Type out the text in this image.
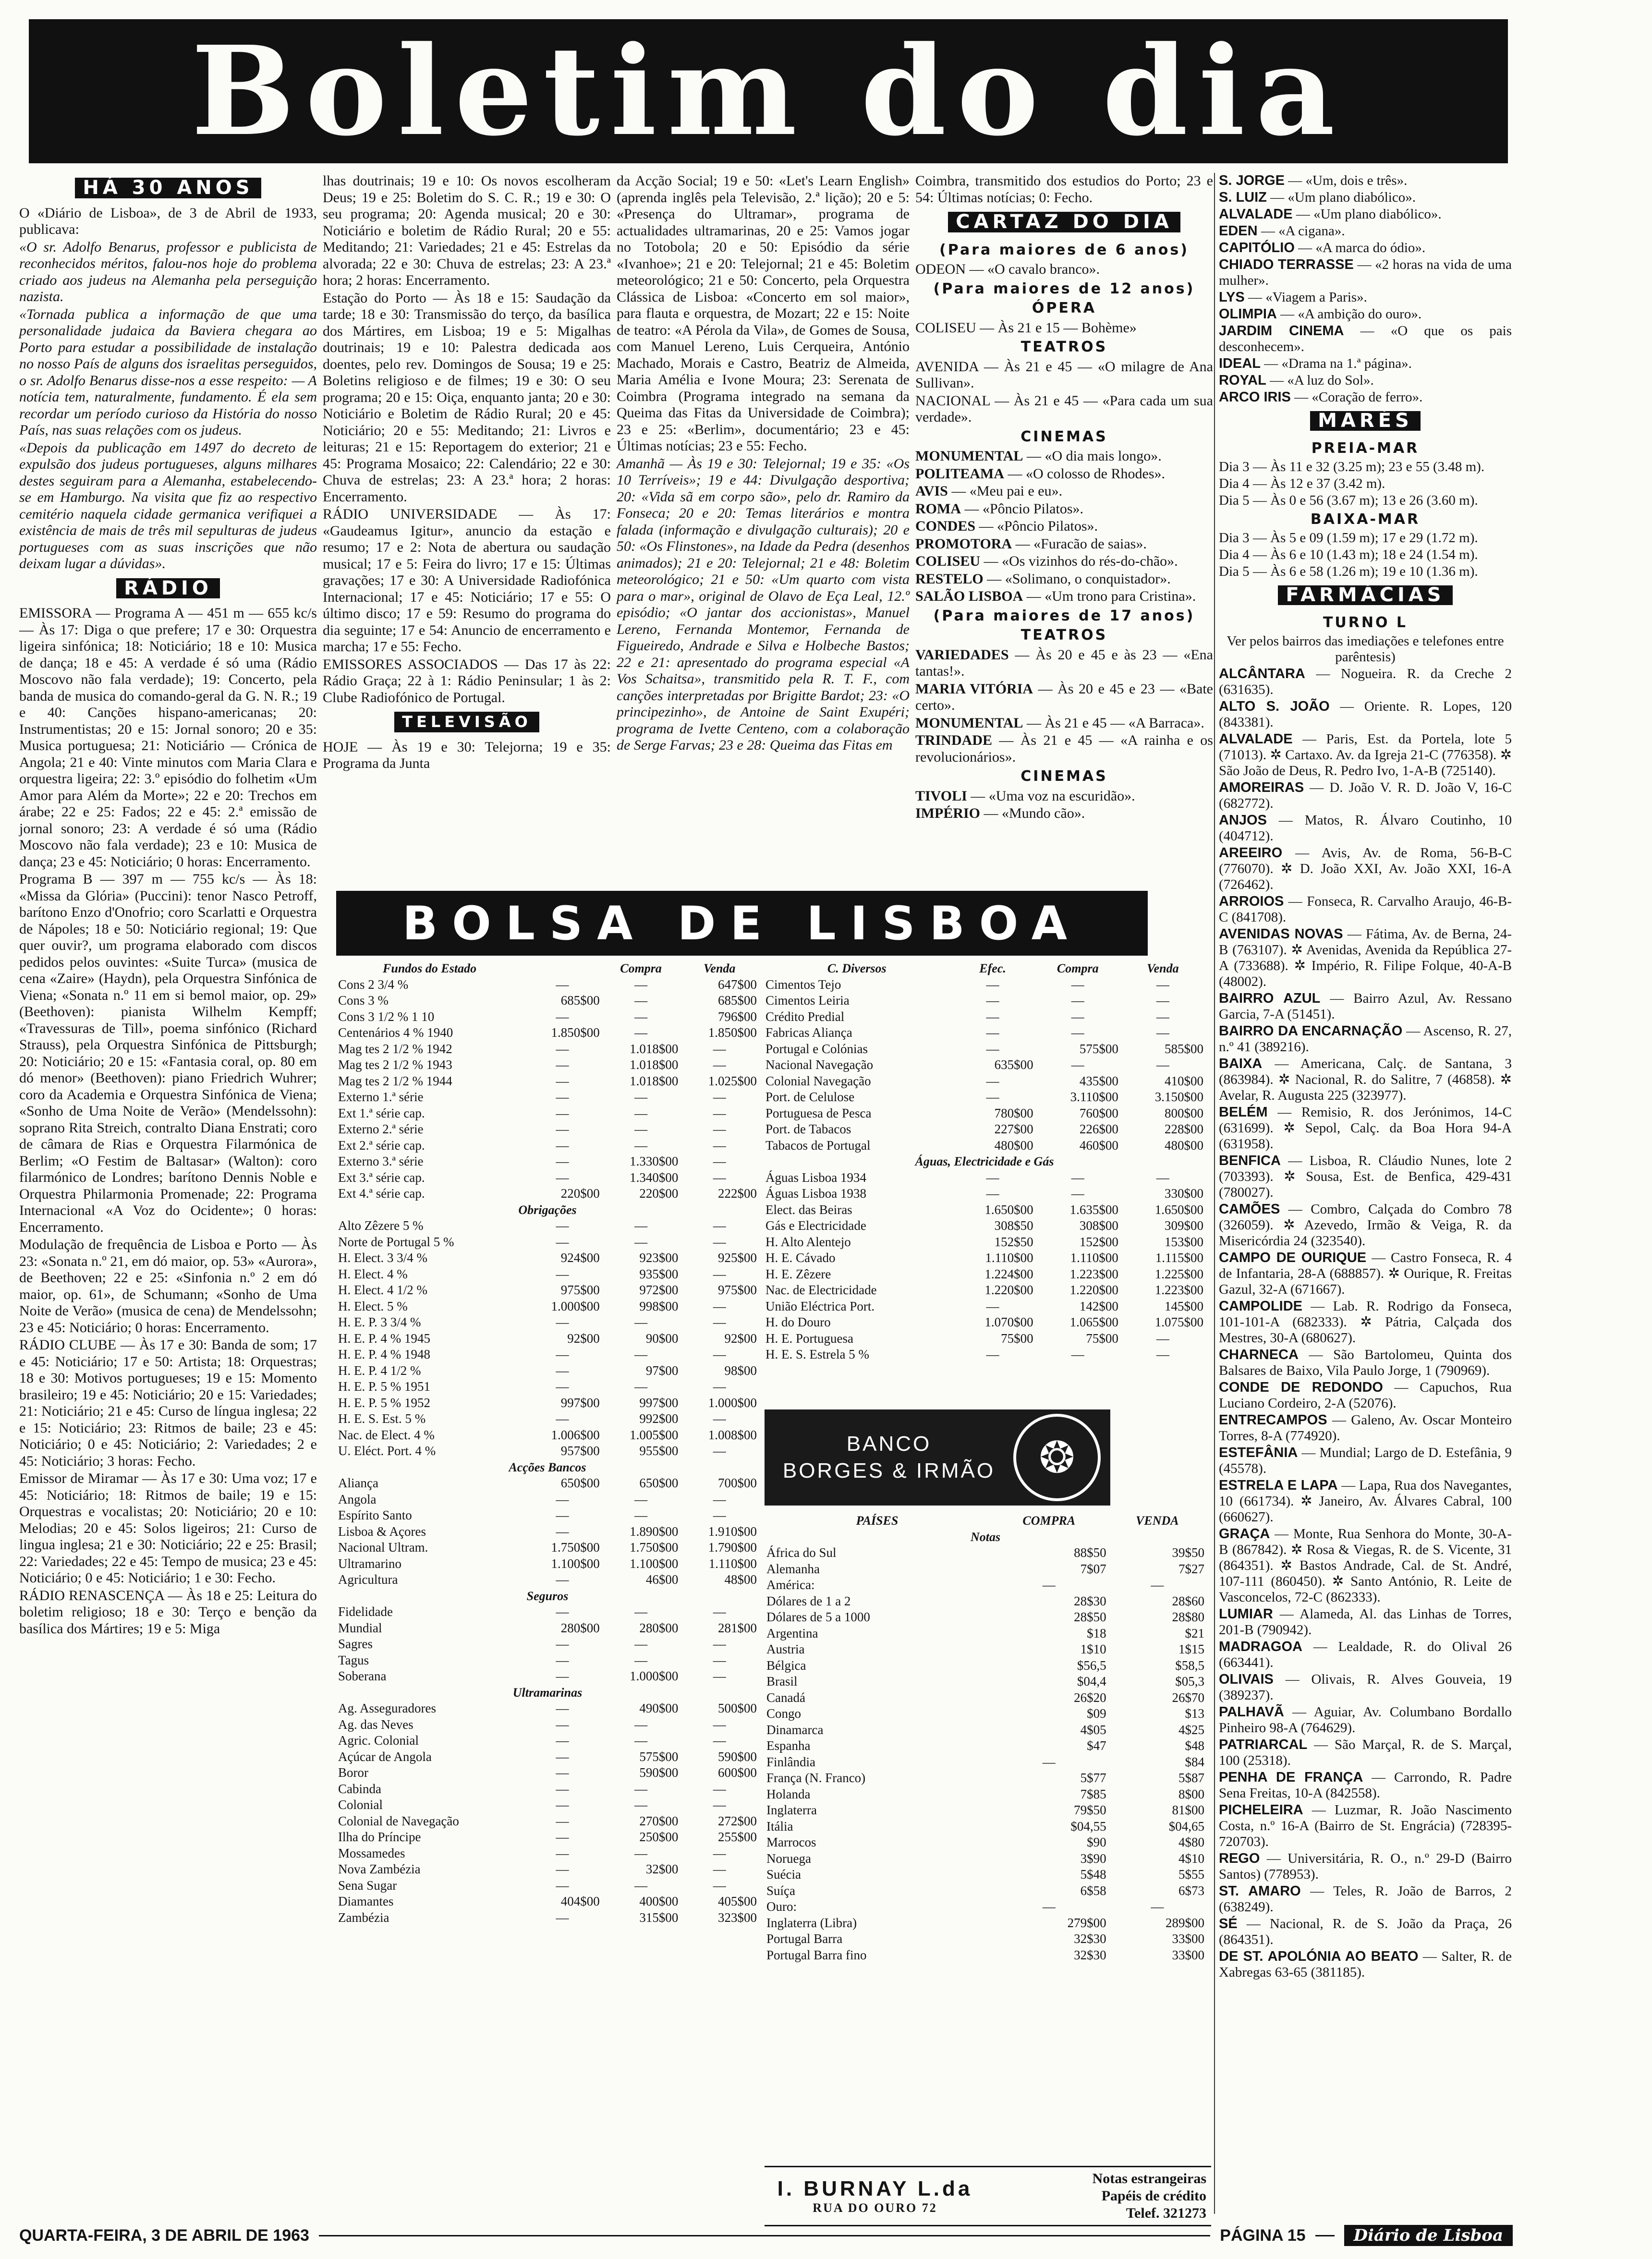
Boletim do dia
HÁ 30 ANOS

O «Diário de Lisboa», de 3 de Abril de 1933, publicava:

«O sr. Adolfo Benarus, professor e publicista de reconhecidos méritos, falou-nos hoje do problema criado aos judeus na Alemanha pela perseguição nazista.

«Tornada publica a informação de que uma personalidade judaica da Baviera chegara ao Porto para estudar a possibilidade de instalação no nosso País de alguns dos israelitas perseguidos, o sr. Adolfo Benarus disse-nos a esse respeito: — A notícia tem, naturalmente, fundamento. É ela sem recordar um período curioso da História do nosso País, nas suas relações com os judeus.

«Depois da publicação em 1497 do decreto de expulsão dos judeus portugueses, alguns milhares destes seguiram para a Alemanha, estabelecendo-se em Hamburgo. Na visita que fiz ao respectivo cemitério naquela cidade germanica verifiquei a existência de mais de três mil sepulturas de judeus portugueses com as suas inscrições que não deixam lugar a dúvidas».

RÁDIO

EMISSORA — Programa A — 451 m — 655 kc/s — Às 17: Diga o que prefere; 17 e 30: Orquestra ligeira sinfónica; 18: Noticiário; 18 e 10: Musica de dança; 18 e 45: A verdade é só uma (Rádio Moscovo não fala verdade); 19: Concerto, pela banda de musica do comando-geral da G. N. R.; 19 e 40: Canções hispano-americanas; 20: Instrumentistas; 20 e 15: Jornal sonoro; 20 e 35: Musica portuguesa; 21: Noticiário — Crónica de Angola; 21 e 40: Vinte minutos com Maria Clara e orquestra ligeira; 22: 3.º episódio do folhetim «Um Amor para Além da Morte»; 22 e 20: Trechos em árabe; 22 e 25: Fados; 22 e 45: 2.ª emissão de jornal sonoro; 23: A verdade é só uma (Rádio Moscovo não fala verdade); 23 e 10: Musica de dança; 23 e 45: Noticiário; 0 horas: Encerramento.

Programa B — 397 m — 755 kc/s — Às 18: «Missa da Glória» (Puccini): tenor Nasco Petroff, barítono Enzo d'Onofrio; coro Scarlatti e Orquestra de Nápoles; 18 e 50: Noticiário regional; 19: Que quer ouvir?, um programa elaborado com discos pedidos pelos ouvintes: «Suite Turca» (musica de cena «Zaire» (Haydn), pela Orquestra Sinfónica de Viena; «Sonata n.º 11 em si bemol maior, op. 29» (Beethoven): pianista Wilhelm Kempff; «Travessuras de Till», poema sinfónico (Richard Strauss), pela Orquestra Sinfónica de Pittsburgh; 20: Noticiário; 20 e 15: «Fantasia coral, op. 80 em dó menor» (Beethoven): piano Friedrich Wuhrer; coro da Academia e Orquestra Sinfónica de Viena; «Sonho de Uma Noite de Verão» (Mendelssohn): soprano Rita Streich, contralto Diana Enstrati; coro de câmara de Rias e Orquestra Filarmónica de Berlim; «O Festim de Baltasar» (Walton): coro filarmónico de Londres; barítono Dennis Noble e Orquestra Philarmonia Promenade; 22: Programa Internacional «A Voz do Ocidente»; 0 horas: Encerramento.

Modulação de frequência de Lisboa e Porto — Às 23: «Sonata n.º 21, em dó maior, op. 53» «Aurora», de Beethoven; 22 e 25: «Sinfonia n.º 2 em dó maior, op. 61», de Schumann; «Sonho de Uma Noite de Verão» (musica de cena) de Mendelssohn; 23 e 45: Noticiário; 0 horas: Encerramento.

RÁDIO CLUBE — Às 17 e 30: Banda de som; 17 e 45: Noticiário; 17 e 50: Artista; 18: Orquestras; 18 e 30: Motivos portugueses; 19 e 15: Momento brasileiro; 19 e 45: Noticiário; 20 e 15: Variedades; 21: Noticiário; 21 e 45: Curso de língua inglesa; 22 e 15: Noticiário; 23: Ritmos de baile; 23 e 45: Noticiário; 0 e 45: Noticiário; 2: Variedades; 2 e 45: Noticiário; 3 horas: Fecho.

Emissor de Miramar — Às 17 e 30: Uma voz; 17 e 45: Noticiário; 18: Ritmos de baile; 19 e 15: Orquestras e vocalistas; 20: Noticiário; 20 e 10: Melodias; 20 e 45: Solos ligeiros; 21: Curso de lingua inglesa; 21 e 30: Noticiário; 22 e 25: Brasil; 22: Variedades; 22 e 45: Tempo de musica; 23 e 45: Noticiário; 0 e 45: Noticiário; 1 e 30: Fecho.

RÁDIO RENASCENÇA — Às 18 e 25: Leitura do boletim religioso; 18 e 30: Terço e benção da basílica dos Mártires; 19 e 5: Miga

lhas doutrinais; 19 e 10: Os novos escolheram Deus; 19 e 25: Boletim do S. C. R.; 19 e 30: O seu programa; 20: Agenda musical; 20 e 30: Noticiário e boletim de Rádio Rural; 20 e 55: Meditando; 21: Variedades; 21 e 45: Estrelas da alvorada; 22 e 30: Chuva de estrelas; 23: A 23.ª hora; 2 horas: Encerramento.

Estação do Porto — Às 18 e 15: Saudação da tarde; 18 e 30: Transmissão do terço, da basílica dos Mártires, em Lisboa; 19 e 5: Migalhas doutrinais; 19 e 10: Palestra dedicada aos doentes, pelo rev. Domingos de Sousa; 19 e 25: Boletins religioso e de filmes; 19 e 30: O seu programa; 20 e 15: Oiça, enquanto janta; 20 e 30: Noticiário e Boletim de Rádio Rural; 20 e 45: Noticiário; 20 e 55: Meditando; 21: Livros e leituras; 21 e 15: Reportagem do exterior; 21 e 45: Programa Mosaico; 22: Calendário; 22 e 30: Chuva de estrelas; 23: A 23.ª hora; 2 horas: Encerramento.

RÁDIO UNIVERSIDADE — Às 17: «Gaudeamus Igitur», anuncio da estação e resumo; 17 e 2: Nota de abertura ou saudação musical; 17 e 5: Feira do livro; 17 e 15: Últimas gravações; 17 e 30: A Universidade Radiofónica Internacional; 17 e 45: Noticiário; 17 e 55: O último disco; 17 e 59: Resumo do programa do dia seguinte; 17 e 54: Anuncio de encerramento e marcha; 17 e 55: Fecho.

EMISSORES ASSOCIADOS — Das 17 às 22: Rádio Graça; 22 à 1: Rádio Peninsular; 1 às 2: Clube Radiofónico de Portugal.

TELEVISÃO

HOJE — Às 19 e 30: Telejorna; 19 e 35: Programa da Junta

da Acção Social; 19 e 50: «Let's Learn English» (aprenda inglês pela Televisão, 2.ª lição); 20 e 5: «Presença do Ultramar», programa de actualidades ultramarinas, 20 e 25: Vamos jogar no Totobola; 20 e 50: Episódio da série «Ivanhoe»; 21 e 20: Telejornal; 21 e 45: Boletim meteorológico; 21 e 50: Concerto, pela Orquestra Clássica de Lisboa: «Concerto em sol maior», para flauta e orquestra, de Mozart; 22 e 15: Noite de teatro: «A Pérola da Vila», de Gomes de Sousa, com Manuel Lereno, Luis Cerqueira, António Machado, Morais e Castro, Beatriz de Almeida, Maria Amélia e Ivone Moura; 23: Serenata de Coimbra (Programa integrado na semana da Queima das Fitas da Universidade de Coimbra); 23 e 25: «Berlim», documentário; 23 e 45: Últimas notícias; 23 e 55: Fecho.

Amanhã — Às 19 e 30: Telejornal; 19 e 35: «Os 10 Terríveis»; 19 e 44: Divulgação desportiva; 20: «Vida sã em corpo são», pelo dr. Ramiro da Fonseca; 20 e 20: Temas literários e montra falada (informação e divulgação culturais); 20 e 50: «Os Flinstones», na Idade da Pedra (desenhos animados); 21 e 20: Telejornal; 21 e 48: Boletim meteorológico; 21 e 50: «Um quarto com vista para o mar», original de Olavo de Eça Leal, 12.º episódio; «O jantar dos accionistas», Manuel Lereno, Fernanda Montemor, Fernanda de Figueiredo, Andrade e Silva e Holbeche Bastos; 22 e 21: apresentado do programa especial «A Vos Schaitsa», transmitido pela R. T. F., com canções interpretadas por Brigitte Bardot; 23: «O principezinho», de Antoine de Saint Exupéri; programa de Ivette Centeno, com a colaboração de Serge Farvas; 23 e 28: Queima das Fitas em

Coimbra, transmitido dos estudios do Porto; 23 e 54: Últimas notícias; 0: Fecho.

CARTAZ DO DIA
(Para maiores de 6 anos)

ODEON — «O cavalo branco».

(Para maiores de 12 anos)
ÓPERA

COLISEU — Às 21 e 15 — Bohème»

TEATROS

AVENIDA — Às 21 e 45 — «O milagre de Ana Sullivan».

NACIONAL — Às 21 e 45 — «Para cada um sua verdade».

CINEMAS

MONUMENTAL — «O dia mais longo».

POLITEAMA — «O colosso de Rhodes».

AVIS — «Meu pai e eu».

ROMA — «Pôncio Pilatos».

CONDES — «Pôncio Pilatos».

PROMOTORA — «Furacão de saias».

COLISEU — «Os vizinhos do rés-do-chão».

RESTELO — «Solimano, o conquistador».

SALÃO LISBOA — «Um trono para Cristina».

(Para maiores de 17 anos)
TEATROS

VARIEDADES — Às 20 e 45 e às 23 — «Ena tantas!».

MARIA VITÓRIA — Às 20 e 45 e 23 — «Bate certo».

MONUMENTAL — Às 21 e 45 — «A Barraca».

TRINDADE — Às 21 e 45 — «A rainha e os revolucionários».

CINEMAS

TIVOLI — «Uma voz na escuridão».

IMPÉRIO — «Mundo cão».

S. JORGE — «Um, dois e três».

S. LUIZ — «Um plano diabólico».

ALVALADE — «Um plano diabólico».

EDEN — «A cigana».

CAPITÓLIO — «A marca do ódio».

CHIADO TERRASSE — «2 horas na vida de uma mulher».

LYS — «Viagem a Paris».

OLIMPIA — «A ambição do ouro».

JARDIM CINEMA — «O que os pais desconhecem».

IDEAL — «Drama na 1.ª página».

ROYAL — «A luz do Sol».

ARCO IRIS — «Coração de ferro».

MARÉS
PREIA-MAR

Dia 3 — Às 11 e 32 (3.25 m); 23 e 55 (3.48 m).

Dia 4 — Às 12 e 37 (3.42 m).

Dia 5 — Às 0 e 56 (3.67 m); 13 e 26 (3.60 m).

BAIXA-MAR

Dia 3 — Às 5 e 09 (1.59 m); 17 e 29 (1.72 m).

Dia 4 — Às 6 e 10 (1.43 m); 18 e 24 (1.54 m).

Dia 5 — Às 6 e 58 (1.26 m); 19 e 10 (1.36 m).

FARMÁCIAS
TURNO L

Ver pelos bairros das imediações e telefones entre parêntesis)

ALCÂNTARA — Nogueira. R. da Creche 2 (631635).

ALTO S. JOÃO — Oriente. R. Lopes, 120 (843381).

ALVALADE — Paris, Est. da Portela, lote 5 (71013). ✲ Cartaxo. Av. da Igreja 21-C (776358). ✲ São João de Deus, R. Pedro Ivo, 1-A-B (725140).

AMOREIRAS — D. João V. R. D. João V, 16-C (682772).

ANJOS — Matos, R. Álvaro Coutinho, 10 (404712).

AREEIRO — Avis, Av. de Roma, 56-B-C (776070). ✲ D. João XXI, Av. João XXI, 16-A (726462).

ARROIOS — Fonseca, R. Carvalho Araujo, 46-B-C (841708).

AVENIDAS NOVAS — Fátima, Av. de Berna, 24-B (763107). ✲ Avenidas, Avenida da República 27-A (733688). ✲ Império, R. Filipe Folque, 40-A-B (48002).

BAIRRO AZUL — Bairro Azul, Av. Ressano Garcia, 7-A (51451).

BAIRRO DA ENCARNAÇÃO — Ascenso, R. 27, n.º 41 (389216).

BAIXA — Americana, Calç. de Santana, 3 (863984). ✲ Nacional, R. do Salitre, 7 (46858). ✲ Avelar, R. Augusta 225 (323977).

BELÉM — Remisio, R. dos Jerónimos, 14-C (631699). ✲ Sepol, Calç. da Boa Hora 94-A (631958).

BENFICA — Lisboa, R. Cláudio Nunes, lote 2 (703393). ✲ Sousa, Est. de Benfica, 429-431 (780027).

CAMÕES — Combro, Calçada do Combro 78 (326059). ✲ Azevedo, Irmão & Veiga, R. da Misericórdia 24 (323540).

CAMPO DE OURIQUE — Castro Fonseca, R. 4 de Infantaria, 28-A (688857). ✲ Ourique, R. Freitas Gazul, 32-A (671667).

CAMPOLIDE — Lab. R. Rodrigo da Fonseca, 101-101-A (682333). ✲ Pátria, Calçada dos Mestres, 30-A (680627).

CHARNECA — São Bartolomeu, Quinta dos Balsares de Baixo, Vila Paulo Jorge, 1 (790969).

CONDE DE REDONDO — Capuchos, Rua Luciano Cordeiro, 2-A (52076).

ENTRECAMPOS — Galeno, Av. Oscar Monteiro Torres, 8-A (774920).

ESTEFÂNIA — Mundial; Largo de D. Estefânia, 9 (45578).

ESTRELA E LAPA — Lapa, Rua dos Navegantes, 10 (661734). ✲ Janeiro, Av. Álvares Cabral, 100 (660627).

GRAÇA — Monte, Rua Senhora do Monte, 30-A-B (867842). ✲ Rosa & Viegas, R. de S. Vicente, 31 (864351). ✲ Bastos Andrade, Cal. de St. André, 107-111 (860450). ✲ Santo António, R. Leite de Vasconcelos, 72-C (862333).

LUMIAR — Alameda, Al. das Linhas de Torres, 201-B (790942).

MADRAGOA — Lealdade, R. do Olival 26 (663441).

OLIVAIS — Olivais, R. Alves Gouveia, 19 (389237).

PALHAVÃ — Aguiar, Av. Columbano Bordallo Pinheiro 98-A (764629).

PATRIARCAL — São Marçal, R. de S. Marçal, 100 (25318).

PENHA DE FRANÇA — Carrondo, R. Padre Sena Freitas, 10-A (842558).

PICHELEIRA — Luzmar, R. João Nascimento Costa, n.º 16-A (Bairro de St. Engrácia) (728395-720703).

REGO — Universitária, R. O., n.º 29-D (Bairro Santos) (778953).

ST. AMARO — Teles, R. João de Barros, 2 (638249).

SÉ — Nacional, R. de S. João da Praça, 26 (864351).

DE ST. APOLÓNIA AO BEATO — Salter, R. de Xabregas 63-65 (381185).

BOLSA DE LISBOA
Fundos do Estado		Compra	Venda
Cons 2 3/4 %	—	—	647$00
Cons 3 %	685$00	—	685$00
Cons 3 1/2 % 1 10	—	—	796$00
Centenários 4 % 1940	1.850$00	—	1.850$00
Mag tes 2 1/2 % 1942	—	1.018$00	—
Mag tes 2 1/2 % 1943	—	1.018$00	—
Mag tes 2 1/2 % 1944	—	1.018$00	1.025$00
Externo 1.ª série	—	—	—
Ext 1.ª série cap.	—	—	—
Externo 2.ª série	—	—	—
Ext 2.ª série cap.	—	—	—
Externo 3.ª série	—	1.330$00	—
Ext 3.ª série cap.	—	1.340$00	—
Ext 4.ª série cap.	220$00	220$00	222$00
Obrigações			
Alto Zêzere 5 %	—	—	—
Norte de Portugal 5 %	—	—	—
H. Elect. 3 3/4 %	924$00	923$00	925$00
H. Elect. 4 %	—	935$00	—
H. Elect. 4 1/2 %	975$00	972$00	975$00
H. Elect. 5 %	1.000$00	998$00	—
H. E. P. 3 3/4 %	—	—	—
H. E. P. 4 % 1945	92$00	90$00	92$00
H. E. P. 4 % 1948	—	—	—
H. E. P. 4 1/2 %	—	97$00	98$00
H. E. P. 5 % 1951	—	—	—
H. E. P. 5 % 1952	997$00	997$00	1.000$00
H. E. S. Est. 5 %	—	992$00	—
Nac. de Elect. 4 %	1.006$00	1.005$00	1.008$00
U. Eléct. Port. 4 %	957$00	955$00	—
Acções Bancos			
Aliança	650$00	650$00	700$00
Angola	—	—	—
Espírito Santo	—	—	—
Lisboa & Açores	—	1.890$00	1.910$00
Nacional Ultram.	1.750$00	1.750$00	1.790$00
Ultramarino	1.100$00	1.100$00	1.110$00
Agricultura	—	46$00	48$00
Seguros			
Fidelidade	—	—	—
Mundial	280$00	280$00	281$00
Sagres	—	—	—
Tagus	—	—	—
Soberana	—	1.000$00	—
Ultramarinas			
Ag. Asseguradores	—	490$00	500$00
Ag. das Neves	—	—	—
Agric. Colonial	—	—	—
Açúcar de Angola	—	575$00	590$00
Boror	—	590$00	600$00
Cabinda	—	—	—
Colonial	—	—	—
Colonial de Navegação	—	270$00	272$00
Ilha do Príncipe	—	250$00	255$00
Mossamedes	—	—	—
Nova Zambézia	—	32$00	—
Sena Sugar	—	—	—
Diamantes	404$00	400$00	405$00
Zambézia	—	315$00	323$00
C. Diversos	Efec.	Compra	Venda
Cimentos Tejo	—	—	—
Cimentos Leiria	—	—	—
Crédito Predial	—	—	—
Fabricas Aliança	—	—	—
Portugal e Colónias	—	575$00	585$00
Nacional Navegação	635$00	—	—
Colonial Navegação	—	435$00	410$00
Port. de Celulose	—	3.110$00	3.150$00
Portuguesa de Pesca	780$00	760$00	800$00
Port. de Tabacos	227$00	226$00	228$00
Tabacos de Portugal	480$00	460$00	480$00
Águas, Electricidade e Gás			
Águas Lisboa 1934	—	—	—
Águas Lisboa 1938	—	—	330$00
Elect. das Beiras	1.650$00	1.635$00	1.650$00
Gás e Electricidade	308$50	308$00	309$00
H. Alto Alentejo	152$50	152$00	153$00
H. E. Cávado	1.110$00	1.110$00	1.115$00
H. E. Zêzere	1.224$00	1.223$00	1.225$00
Nac. de Electricidade	1.220$00	1.220$00	1.223$00
União Eléctrica Port.	—	142$00	145$00
H. do Douro	1.070$00	1.065$00	1.075$00
H. E. Portuguesa	75$00	75$00	—
H. E. S. Estrela 5 %	—	—	—
BANCO
BORGES & IRMÃO	❂
PAÍSES	COMPRA	VENDA
Notas		
África do Sul	88$50	39$50
Alemanha	7$07	7$27
América:	—	—
Dólares de 1 a 2	28$30	28$60
Dólares de 5 a 1000	28$50	28$80
Argentina	$18	$21
Austria	1$10	1$15
Bélgica	$56,5	$58,5
Brasil	$04,4	$05,3
Canadá	26$20	26$70
Congo	$09	$13
Dinamarca	4$05	4$25
Espanha	$47	$48
Finlândia	—	$84
França (N. Franco)	5$77	5$87
Holanda	7$85	8$00
Inglaterra	79$50	81$00
Itália	$04,55	$04,65
Marrocos	$90	4$80
Noruega	3$90	4$10
Suécia	5$48	5$55
Suíça	6$58	6$73
Ouro:	—	—
Inglaterra (Libra)	279$00	289$00
Portugal Barra	32$30	33$00
Portugal Barra fino	32$30	33$00
I. BURNAY L.da
RUA DO OURO 72
Notas estrangeiras
Papéis de crédito
Telef. 321273
QUARTA-FEIRA, 3 DE ABRIL DE 1963	PÁGINA 15	Diário de Lisboa
